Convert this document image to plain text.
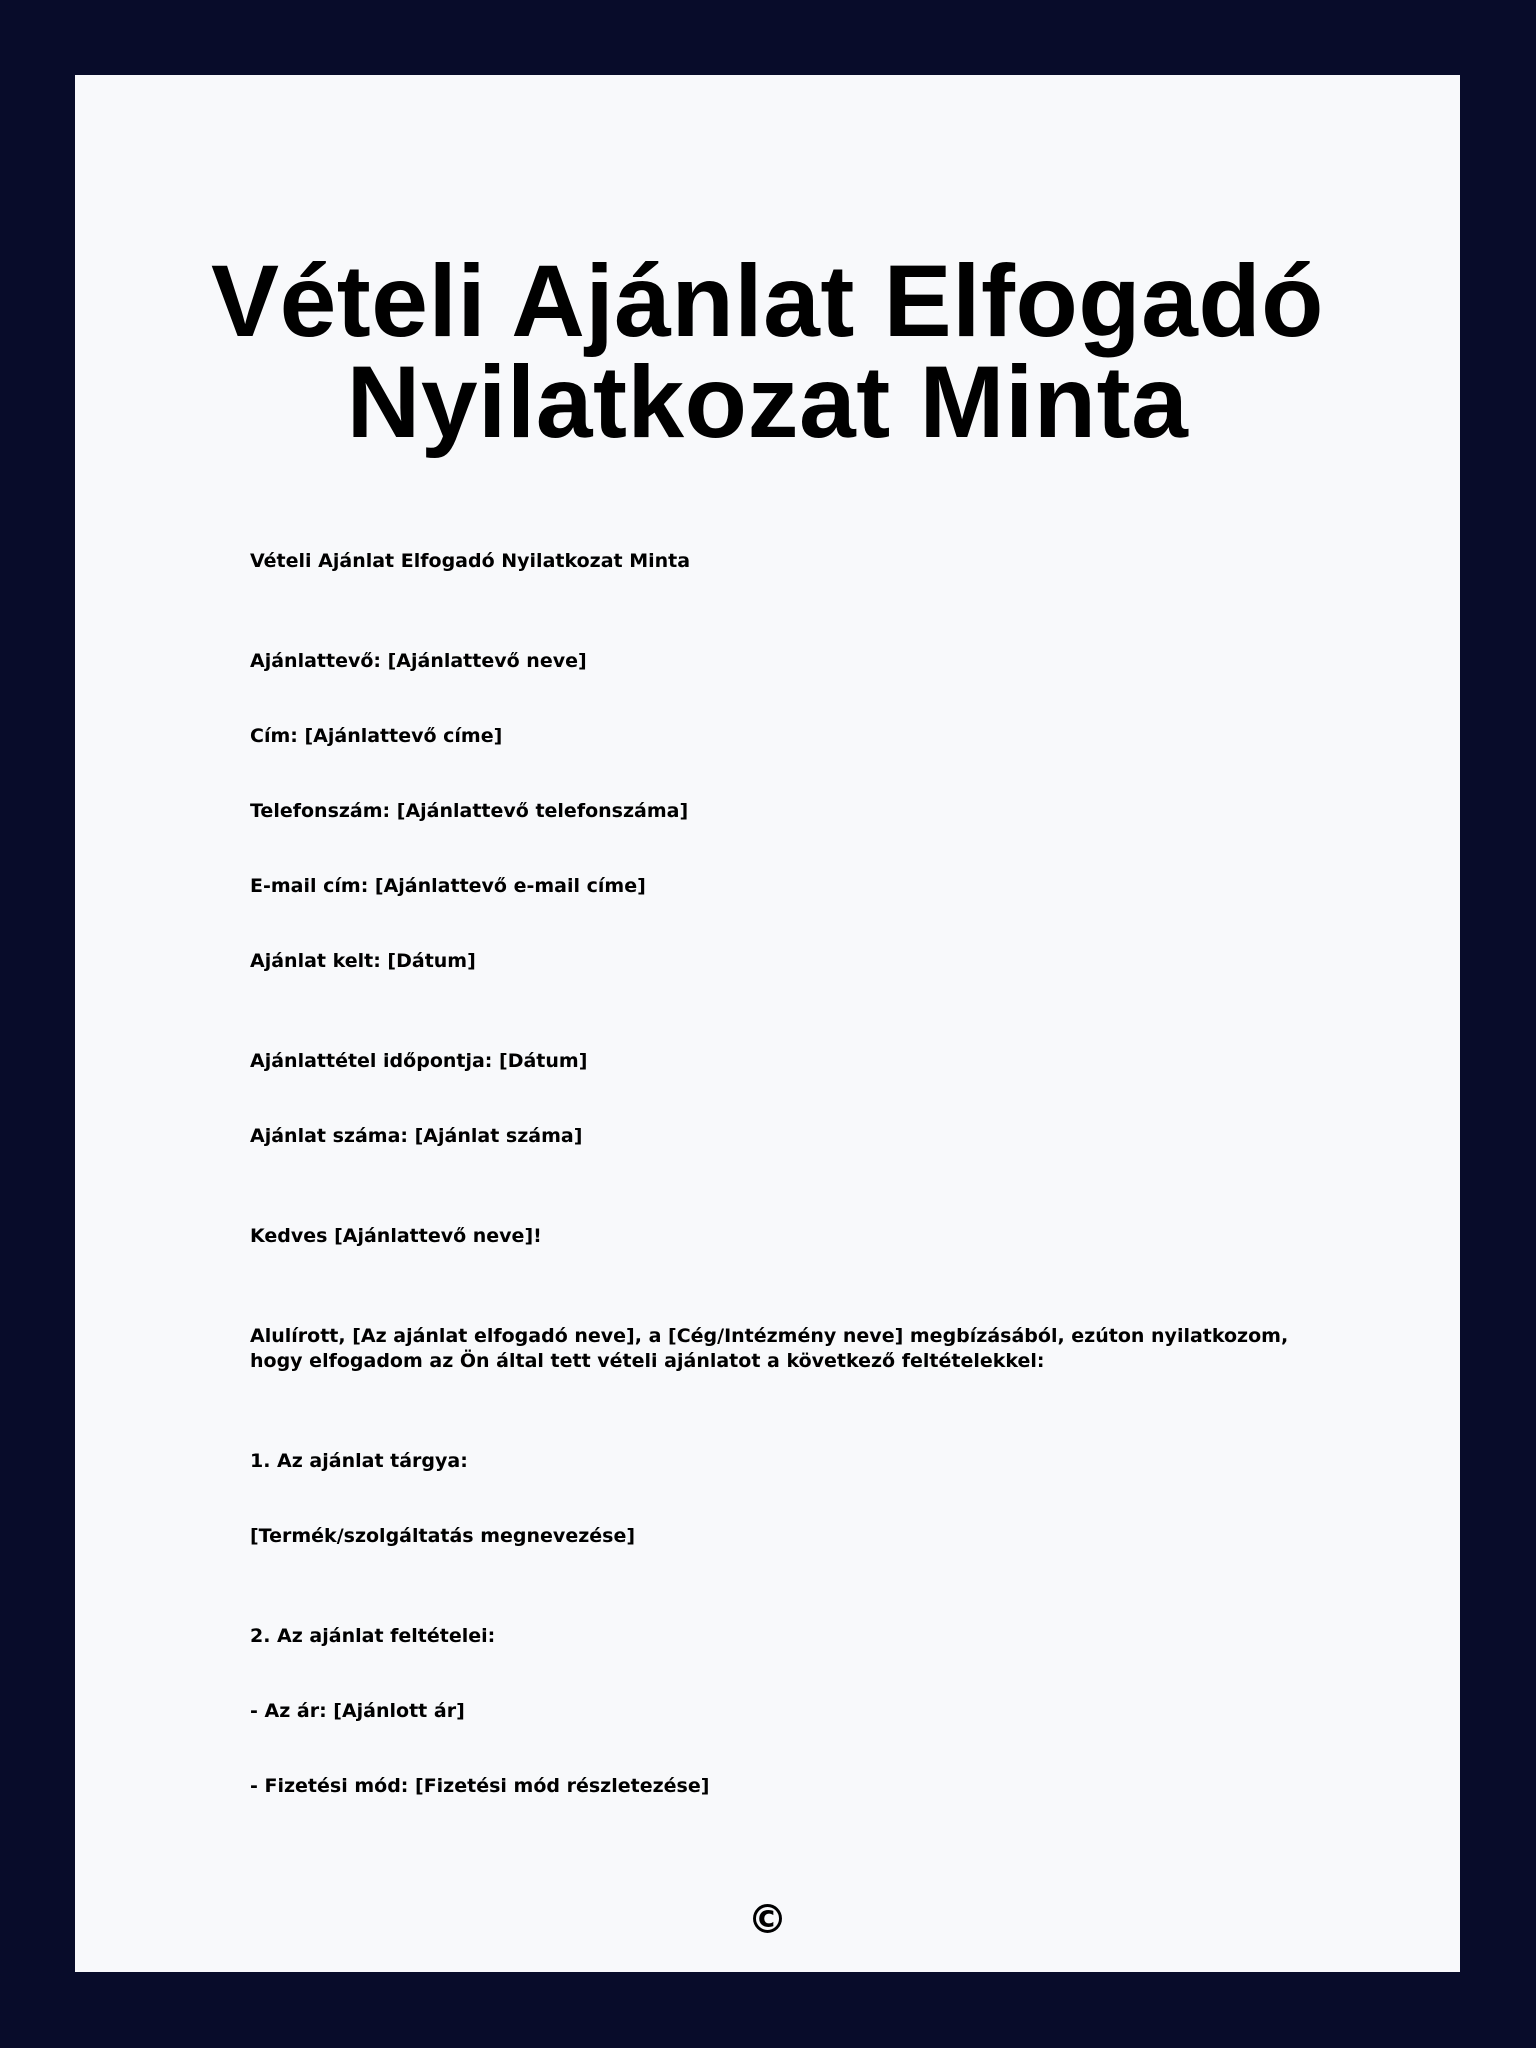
Vételi Ajánlat Elfogadó Nyilatkozat Minta

Vételi Ajánlat Elfogadó Nyilatkozat Minta

Ajánlattevő: [Ajánlattevő neve]

Cím: [Ajánlattevő címe]

Telefonszám: [Ajánlattevő telefonszáma]

E-mail cím: [Ajánlattevő e-mail címe]

Ajánlat kelt: [Dátum]

Ajánlattétel időpontja: [Dátum]

Ajánlat száma: [Ajánlat száma]

Kedves [Ajánlattevő neve]!

Alulírott, [Az ajánlat elfogadó neve], a [Cég/Intézmény neve] megbízásából, ezúton nyilatkozom, hogy elfogadom az Ön által tett vételi ajánlatot a következő feltételekkel:

1. Az ajánlat tárgya:

[Termék/szolgáltatás megnevezése]

2. Az ajánlat feltételei:

- Az ár: [Ajánlott ár]

- Fizetési mód: [Fizetési mód részletezése]

©
